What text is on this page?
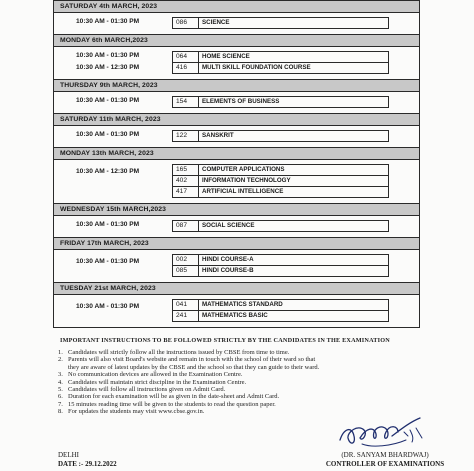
SATURDAY 4th MARCH, 2023
10:30 AM - 01:30 PM	086	SCIENCE
MONDAY 6th MARCH,2023
10:30 AM - 01:30 PM	064	HOME SCIENCE
10:30 AM - 12:30 PM	416	MULTI SKILL FOUNDATION COURSE
THURSDAY 9th MARCH, 2023
10:30 AM - 01:30 PM	154	ELEMENTS OF BUSINESS
SATURDAY 11th MARCH, 2023
10:30 AM - 01:30 PM	122	SANSKRIT
MONDAY 13th MARCH, 2023
10:30 AM - 12:30 PM	165	COMPUTER APPLICATIONS
402	INFORMATION TECHNOLOGY
417	ARTIFICIAL INTELLIGENCE
WEDNESDAY 15th MARCH,2023
10:30 AM - 01:30 PM	087	SOCIAL SCIENCE
FRIDAY 17th MARCH, 2023
10:30 AM - 01:30 PM	002	HINDI COURSE-A
085	HINDI COURSE-B
TUESDAY 21st MARCH, 2023
10:30 AM - 01:30 PM	041	MATHEMATICS STANDARD
241	MATHEMATICS BASIC
IMPORTANT INSTRUCTIONS TO BE FOLLOWED STRICTLY BY THE CANDIDATES IN THE EXAMINATION
1. Candidates will strictly follow all the instructions issued by CBSE from time to time.
2. Parents will also visit Board's website and remain in touch with the school of their ward so that
they are aware of latest updates by the CBSE and the school so that they can guide to their ward.
3. No communication devices are allowed in the Examination Centre.
4. Candidates will maintain strict discipline in the Examination Centre.
5. Candidates will follow all instructions given on Admit Card.
6. Duration for each examination will be as given in the date-sheet and Admit Card.
7. 15 minutes reading time will be given to the students to read the question paper.
8. For updates the students may visit www.cbse.gov.in.
DELHI
DATE :- 29.12.2022
(DR. SANYAM BHARDWAJ)
CONTROLLER OF EXAMINATIONS
